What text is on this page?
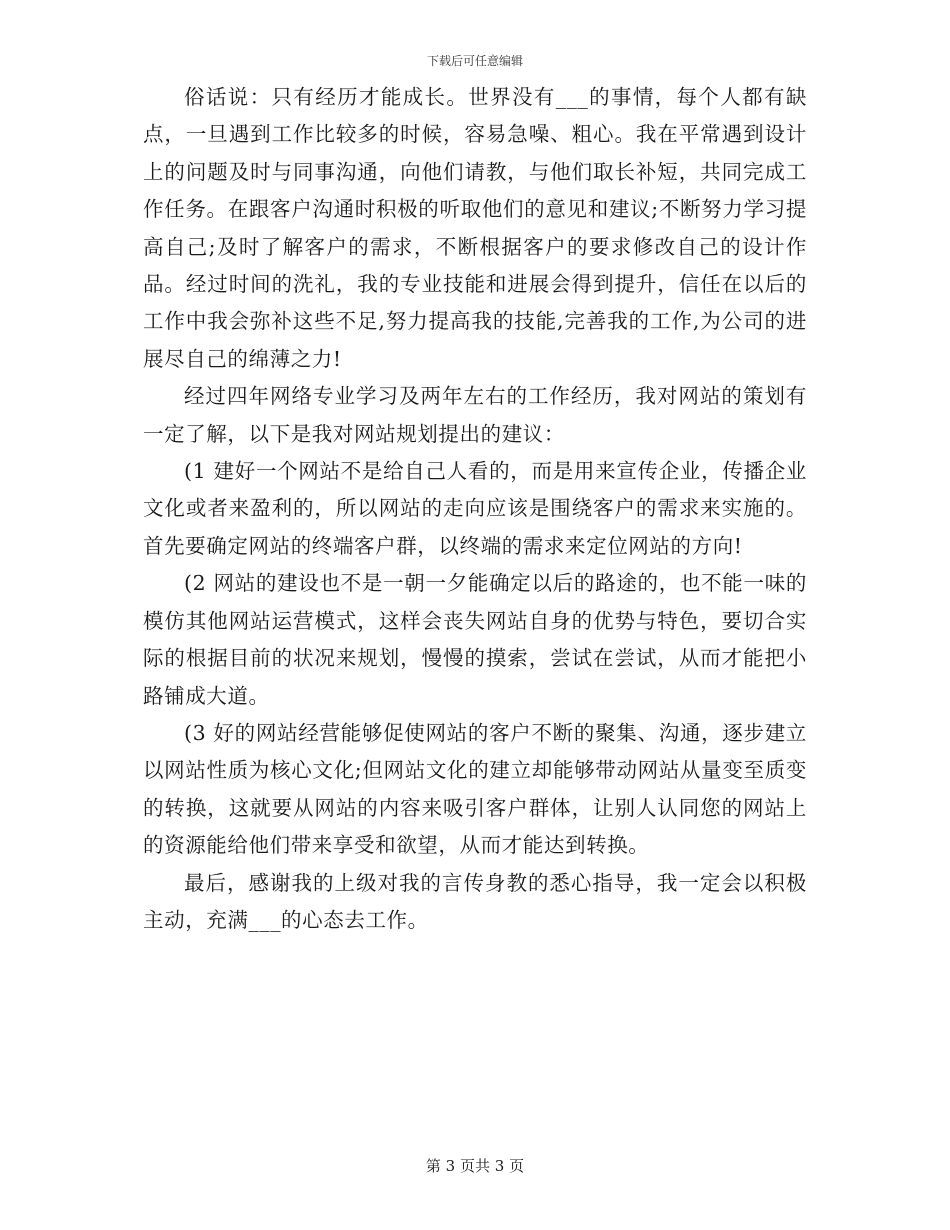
下载后可任意编辑

俗话说：只有经历才能成长。世界没有___的事情，每个人都有缺点，一旦遇到工作比较多的时候，容易急噪、粗心。我在平常遇到设计上的问题及时与同事沟通，向他们请教，与他们取长补短，共同完成工作任务。在跟客户沟通时积极的听取他们的意见和建议;不断努力学习提高自己;及时了解客户的需求，不断根据客户的要求修改自己的设计作品。经过时间的洗礼，我的专业技能和进展会得到提升，信任在以后的工作中我会弥补这些不足,努力提高我的技能,完善我的工作,为公司的进展尽自己的绵薄之力!

经过四年网络专业学习及两年左右的工作经历，我对网站的策划有一定了解，以下是我对网站规划提出的建议：

(1 建好一个网站不是给自己人看的，而是用来宣传企业，传播企业文化或者来盈利的，所以网站的走向应该是围绕客户的需求来实施的。首先要确定网站的终端客户群，以终端的需求来定位网站的方向!

(2 网站的建设也不是一朝一夕能确定以后的路途的，也不能一味的模仿其他网站运营模式，这样会丧失网站自身的优势与特色，要切合实际的根据目前的状况来规划，慢慢的摸索，尝试在尝试，从而才能把小路铺成大道。

(3 好的网站经营能够促使网站的客户不断的聚集、沟通，逐步建立以网站性质为核心文化;但网站文化的建立却能够带动网站从量变至质变的转换，这就要从网站的内容来吸引客户群体，让别人认同您的网站上的资源能给他们带来享受和欲望，从而才能达到转换。

最后，感谢我的上级对我的言传身教的悉心指导，我一定会以积极主动，充满___的心态去工作。

第 3 页共 3 页
